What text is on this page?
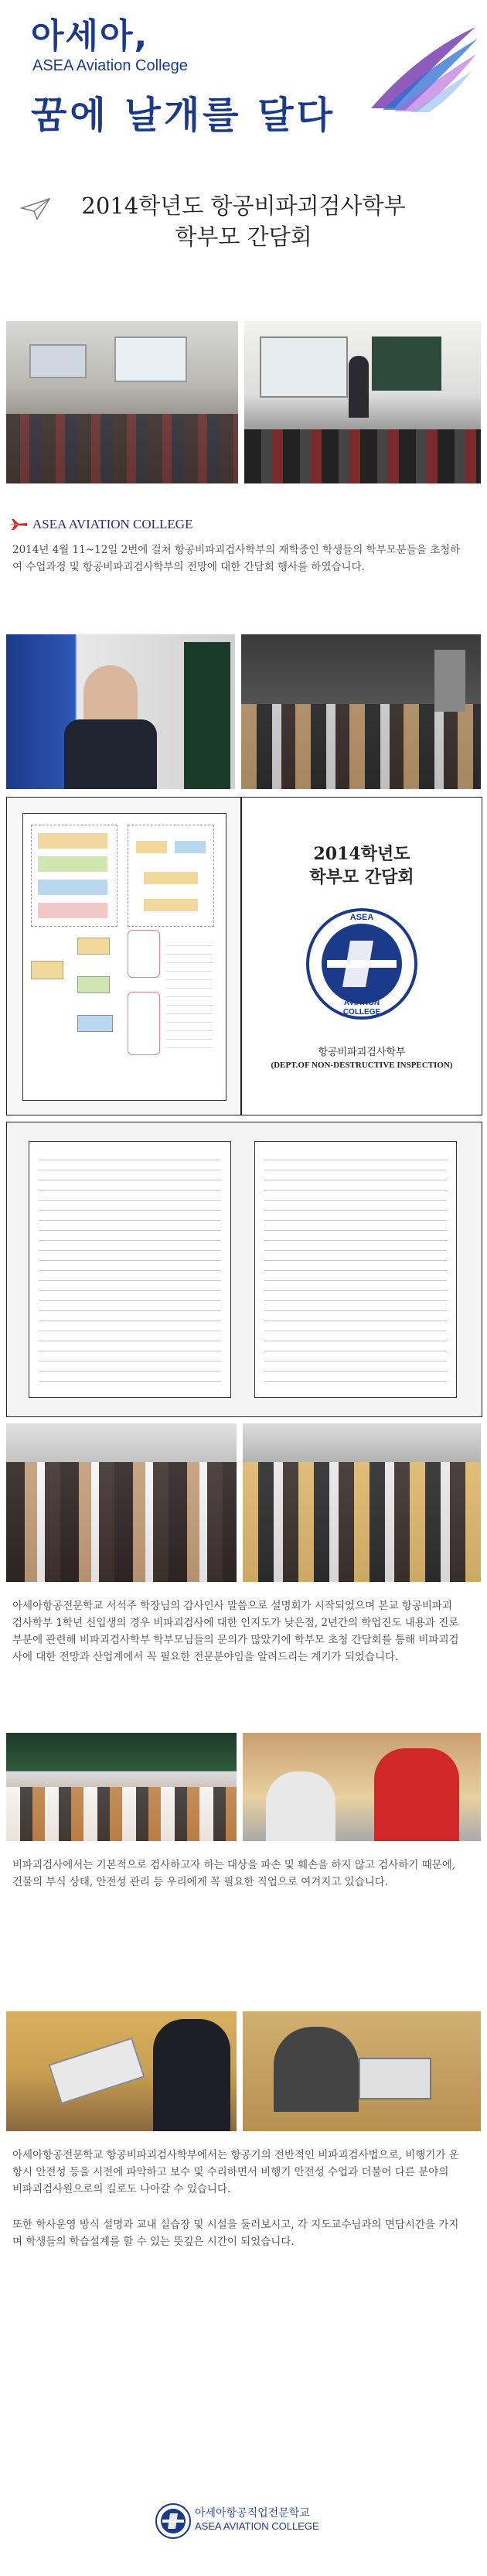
아세아,
ASEA Aviation College
꿈에 날개를 달다
2014학년도 항공비파괴검사학부
학부모 간담회
ASEA AVIATION COLLEGE
2014년 4월 11~12일 2번에 걸쳐 항공비파괴검사학부의 재학중인 학생들의 학부모분들을 초청하여 수업과정 및 항공비파괴검사학부의 전망에 대한 간담회 행사를 하였습니다.
2014학년도
학부모 간담회
ASEA
AVIATION
COLLEGE
항공비파괴검사학부
(DEPT.OF NON-DESTRUCTIVE INSPECTION)
아세아항공전문학교 서석주 학장님의 감사인사 말씀으로 설명회가 시작되었으며 본교 항공비파괴검사학부 1학년 신입생의 경우 비파괴검사에 대한 인지도가 낮은점, 2년간의 학업진도 내용과 진로부분에 관련해 비파괴검사학부 학부모님들의 문의가 많았기에 학부모 초청 간담회를 통해 비파괴검사에 대한 전망과 산업계에서 꼭 필요한 전문분야임을 알려드리는 계기가 되었습니다.
비파괴검사에서는 기본적으로 검사하고자 하는 대상을 파손 및 훼손을 하지 않고 검사하기 때문에, 건물의 부식 상태, 안전성 관리 등 우리에게 꼭 필요한 직업으로 여겨지고 있습니다.
아세아항공전문학교 항공비파괴검사학부에서는 항공기의 전반적인 비파괴검사법으로, 비행기가 운항시 안전성 등을 시전에 파악하고 보수 및 수리하면서 비행기 안전성 수업과 더불어 다른 분야의 비파괴검사원으로의 길로도 나아갈 수 있습니다.
또한 학사운영 방식 설명과 교내 실습장 및 시설을 둘러보시고, 각 지도교수님과의 면담시간을 가지며 학생들의 학습설계를 할 수 있는 뜻깊은 시간이 되었습니다.
아세아항공직업전문학교
ASEA AVIATION COLLEGE
